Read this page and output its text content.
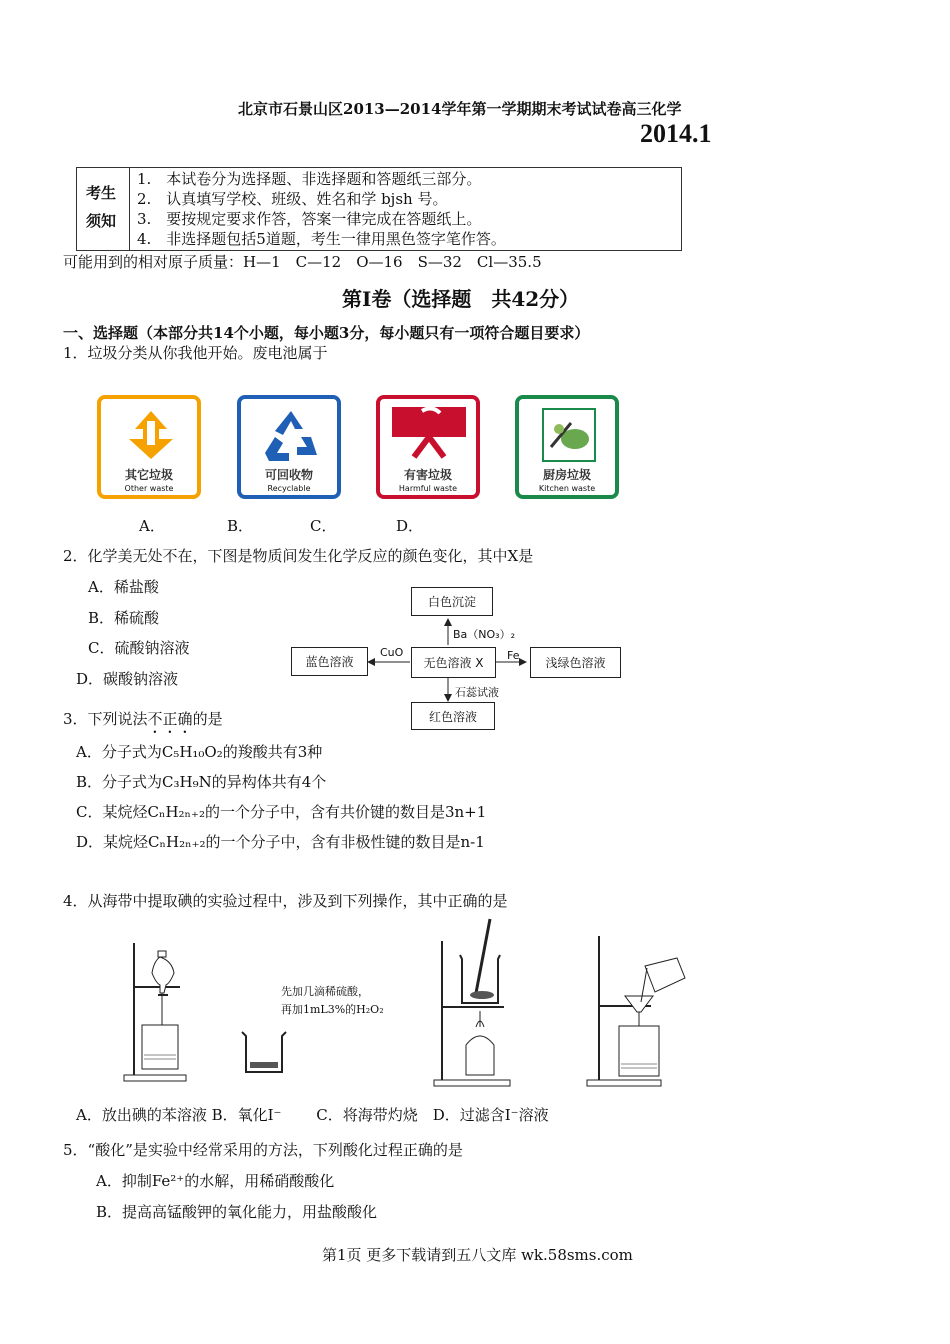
北京市石景山区2013—2014学年第一学期期末考试试卷高三化学
2014.1
考生
须知
1.　本试卷分为选择题、非选择题和答题纸三部分。
2.　认真填写学校、班级、姓名和学 bjsh 号。
3.　要按规定要求作答，答案一律完成在答题纸上。
4.　非选择题包括5道题，考生一律用黑色签字笔作答。
可能用到的相对原子质量：H—1　C—12　O—16　S—32　Cl—35.5
第Ⅰ卷（选择题　共42分）
一、选择题（本部分共14个小题，每小题3分，每小题只有一项符合题目要求）
1．垃圾分类从你我他开始。废电池属于
其它垃圾
Other waste
可回收物
Recyclable
有害垃圾
Harmful waste
厨房垃圾
Kitchen waste
A．	B．	C．	D．
2．化学美无处不在，下图是物质间发生化学反应的颜色变化，其中X是
A．稀盐酸
B．稀硫酸
C．硫酸钠溶液
D．碳酸钠溶液
白色沉淀
Ba（NO₃）₂
蓝色溶液
CuO
无色溶液 X
Fe
浅绿色溶液
石蕊试液
红色溶液
3．下列说法不正确的是
A．分子式为C₅H₁₀O₂的羧酸共有3种
B．分子式为C₃H₉N的异构体共有4个
C．某烷烃CₙH₂ₙ₊₂的一个分子中，含有共价键的数目是3n+1
D．某烷烃CₙH₂ₙ₊₂的一个分子中，含有非极性键的数目是n-1
4．从海带中提取碘的实验过程中，涉及到下列操作，其中正确的是
先加几滴稀硫酸，
再加1mL3%的H₂O₂
A．放出碘的苯溶液 B．氧化I⁻　　 C．将海带灼烧　D．过滤含I⁻溶液
5．“酸化”是实验中经常采用的方法，下列酸化过程正确的是
A．抑制Fe²⁺的水解，用稀硝酸酸化
B．提高高锰酸钾的氧化能力，用盐酸酸化
第1页 更多下载请到五八文库 wk.58sms.com
